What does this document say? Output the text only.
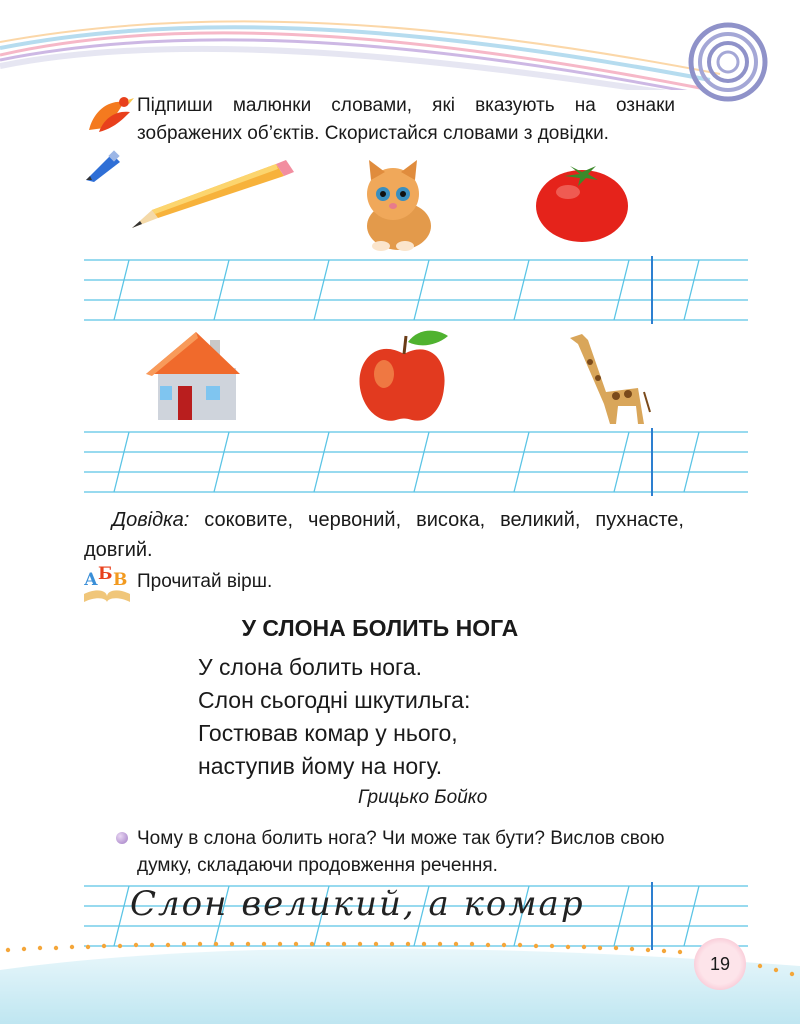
Підпиши малюнки словами, які вказують на ознаки зображених об’єктів. Скористайся словами з довідки.
Довідка: соковите, червоний, висока, великий, пухнасте, довгий.
А Б В Прочитай вірш.
У СЛОНА БОЛИТЬ НОГА
У слона болить нога.
Слон сьогодні шкутильга:
Гостював комар у нього,
наступив йому на ногу.
Грицько Бойко
Чому в слона болить нога? Чи може так бути? Вислов свою думку, складаючи продовження речення.
Слон великий, а комар
19
